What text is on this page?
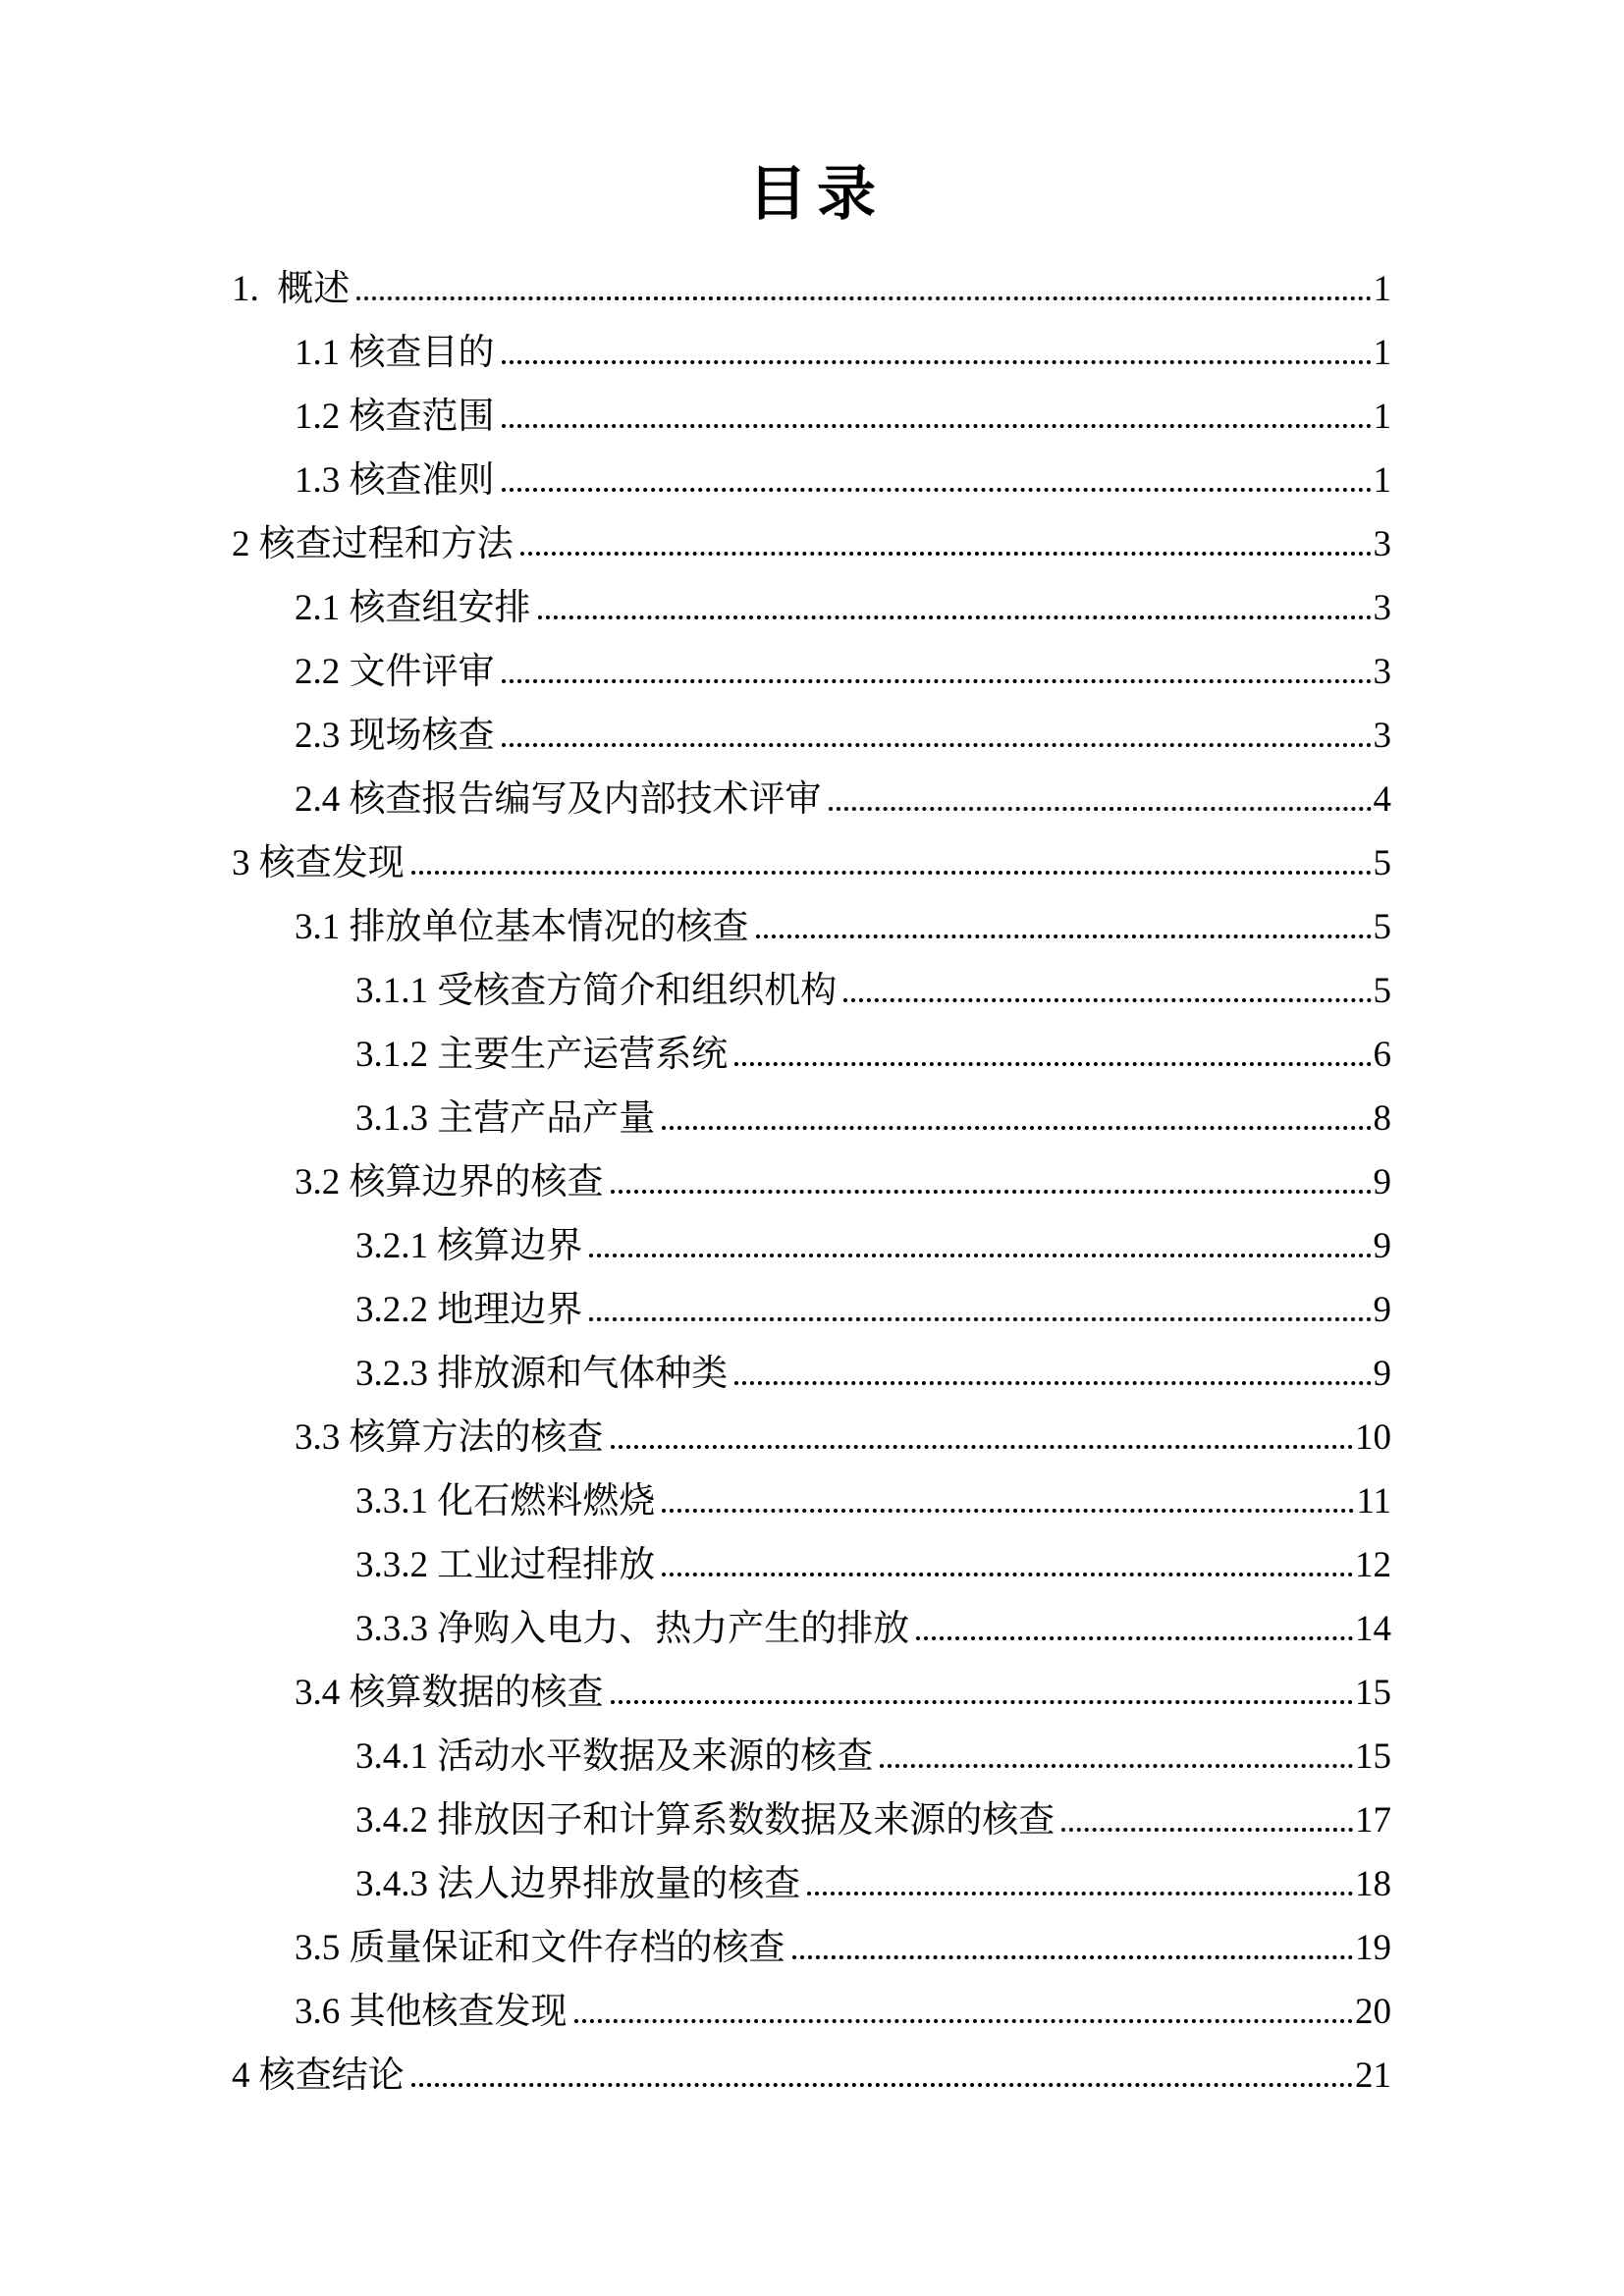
目录
1.  概述	1
1.1 核查目的	1
1.2 核查范围	1
1.3 核查准则	1
2 核查过程和方法	3
2.1 核查组安排	3
2.2 文件评审	3
2.3 现场核查	3
2.4 核查报告编写及内部技术评审	4
3 核查发现	5
3.1 排放单位基本情况的核查	5
3.1.1 受核查方简介和组织机构	5
3.1.2 主要生产运营系统	6
3.1.3 主营产品产量	8
3.2 核算边界的核查	9
3.2.1 核算边界	9
3.2.2 地理边界	9
3.2.3 排放源和气体种类	9
3.3 核算方法的核查	10
3.3.1 化石燃料燃烧	11
3.3.2 工业过程排放	12
3.3.3 净购入电力、热力产生的排放	14
3.4 核算数据的核查	15
3.4.1 活动水平数据及来源的核查	15
3.4.2 排放因子和计算系数数据及来源的核查	17
3.4.3 法人边界排放量的核查	18
3.5 质量保证和文件存档的核查	19
3.6 其他核查发现	20
4 核查结论	21
